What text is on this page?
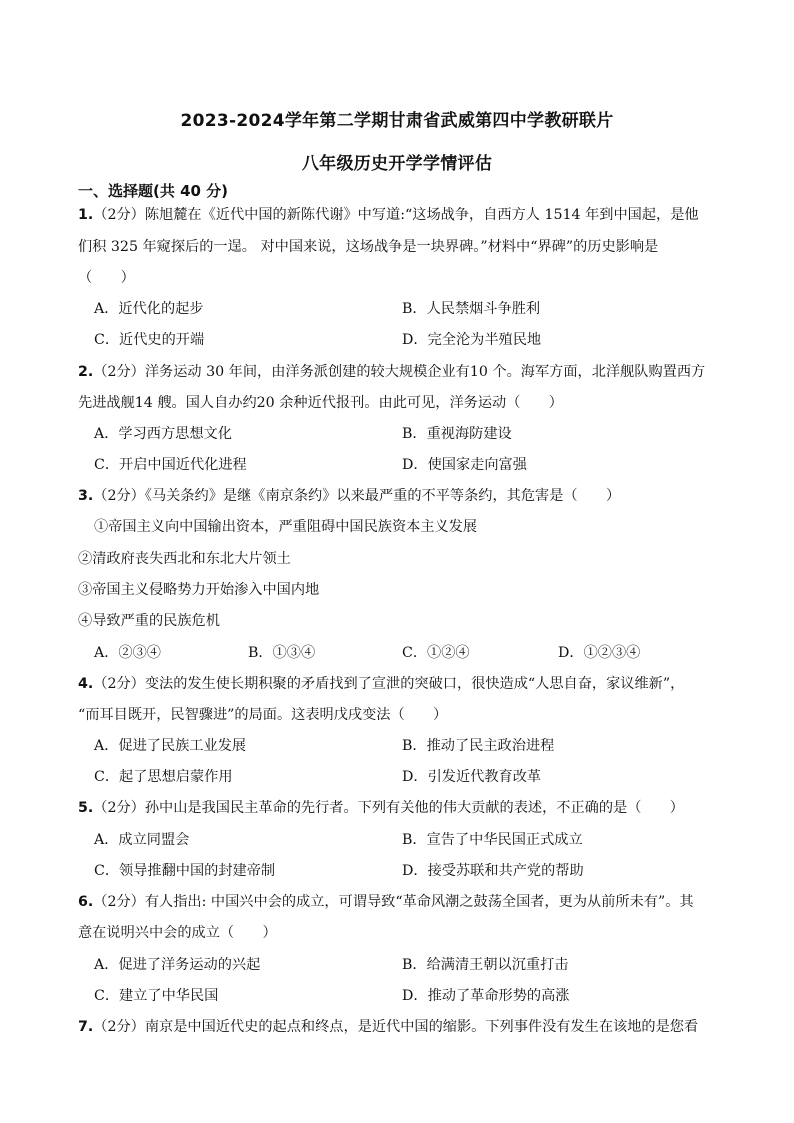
2023-2024学年第二学期甘肃省武威第四中学教研联片
八年级历史开学学情评估
一、选择题(共 40 分)
1.（2分）陈旭麓在《近代中国的新陈代谢》中写道:“这场战争，自西方人 1514 年到中国起，是他
们积 325 年窥探后的一逞。 对中国来说，这场战争是一块界碑。”材料中“界碑”的历史影响是
（　　）
A．近代化的起步	B．人民禁烟斗争胜利
C．近代史的开端	D．完全沦为半殖民地
2.（2分）洋务运动 30 年间，由洋务派创建的较大规模企业有10 个。海军方面，北洋舰队购置西方
先进战舰14 艘。国人自办约20 余种近代报刊。由此可见，洋务运动（　　）
A．学习西方思想文化	B．重视海防建设
C．开启中国近代化进程	D．使国家走向富强
3.（2分）《马关条约》是继《南京条约》以来最严重的不平等条约，其危害是（　　）
①帝国主义向中国输出资本，严重阻碍中国民族资本主义发展
②清政府丧失西北和东北大片领土
③帝国主义侵略势力开始渗入中国内地
④导致严重的民族危机
A．②③④	B．①③④	C．①②④	D．①②③④
4.（2分）变法的发生使长期积聚的矛盾找到了宣泄的突破口，很快造成“人思自奋，家议维新”，
“而耳目既开，民智骤进”的局面。这表明戊戌变法（　　）
A．促进了民族工业发展	B．推动了民主政治进程
C．起了思想启蒙作用	D．引发近代教育改革
5.（2分）孙中山是我国民主革命的先行者。下列有关他的伟大贡献的表述，不正确的是（　　）
A．成立同盟会	B．宣告了中华民国正式成立
C．领导推翻中国的封建帝制	D．接受苏联和共产党的帮助
6.（2分）有人指出: 中国兴中会的成立，可谓导致“革命风潮之鼓荡全国者，更为从前所未有”。其
意在说明兴中会的成立（　　）
A．促进了洋务运动的兴起	B．给满清王朝以沉重打击
C．建立了中华民国	D．推动了革命形势的高涨
7.（2分）南京是中国近代史的起点和终点，是近代中国的缩影。下列事件没有发生在该地的是您看
